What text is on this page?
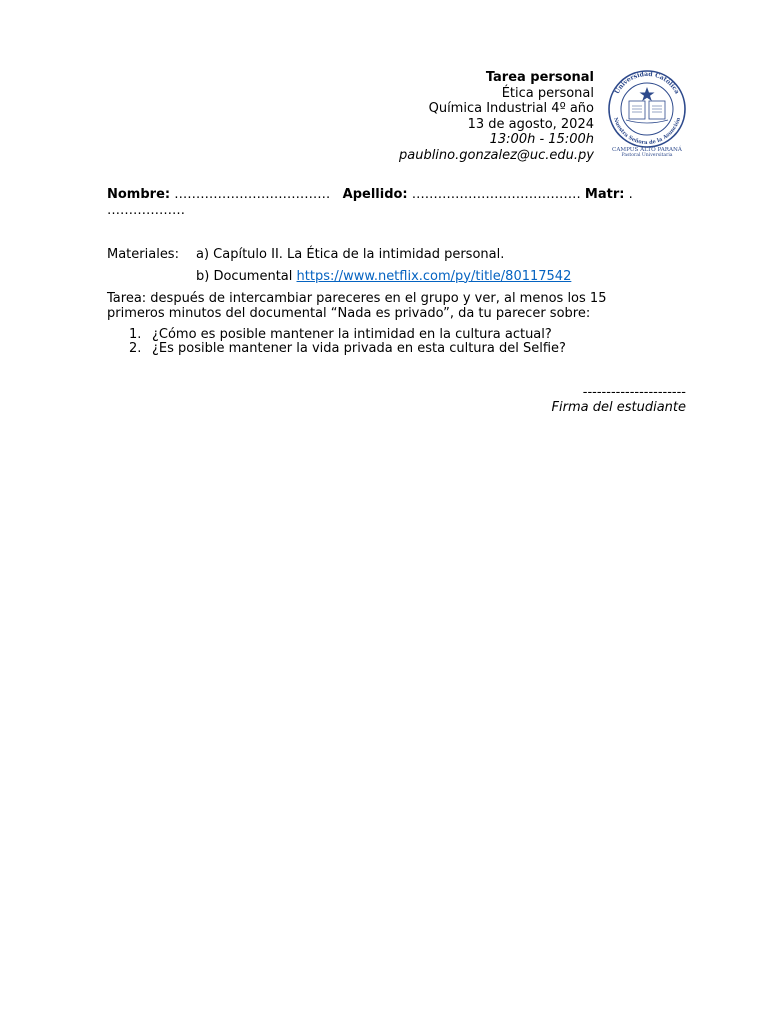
Tarea personal
Ética personal
Química Industrial 4º año
13 de agosto, 2024
13:00h - 15:00h
paublino.gonzalez@uc.edu.py
Universidad Católica
Nuestra Señora de la Asunción
CAMPUS ALTO PARANÁ
Pastoral Universitaria
Nombre: ……………………………… Apellido: ………………………………… Matr: . ………………
Materiales:	a) Capítulo II. La Ética de la intimidad personal.
b) Documental https://www.netflix.com/py/title/80117542
Tarea: después de intercambiar pareceres en el grupo y ver, al menos los 15 primeros minutos del documental “Nada es privado”, da tu parecer sobre:
1. ¿Cómo es posible mantener la intimidad en la cultura actual?
2. ¿Es posible mantener la vida privada en esta cultura del Selfie?
----------------------
Firma del estudiante
